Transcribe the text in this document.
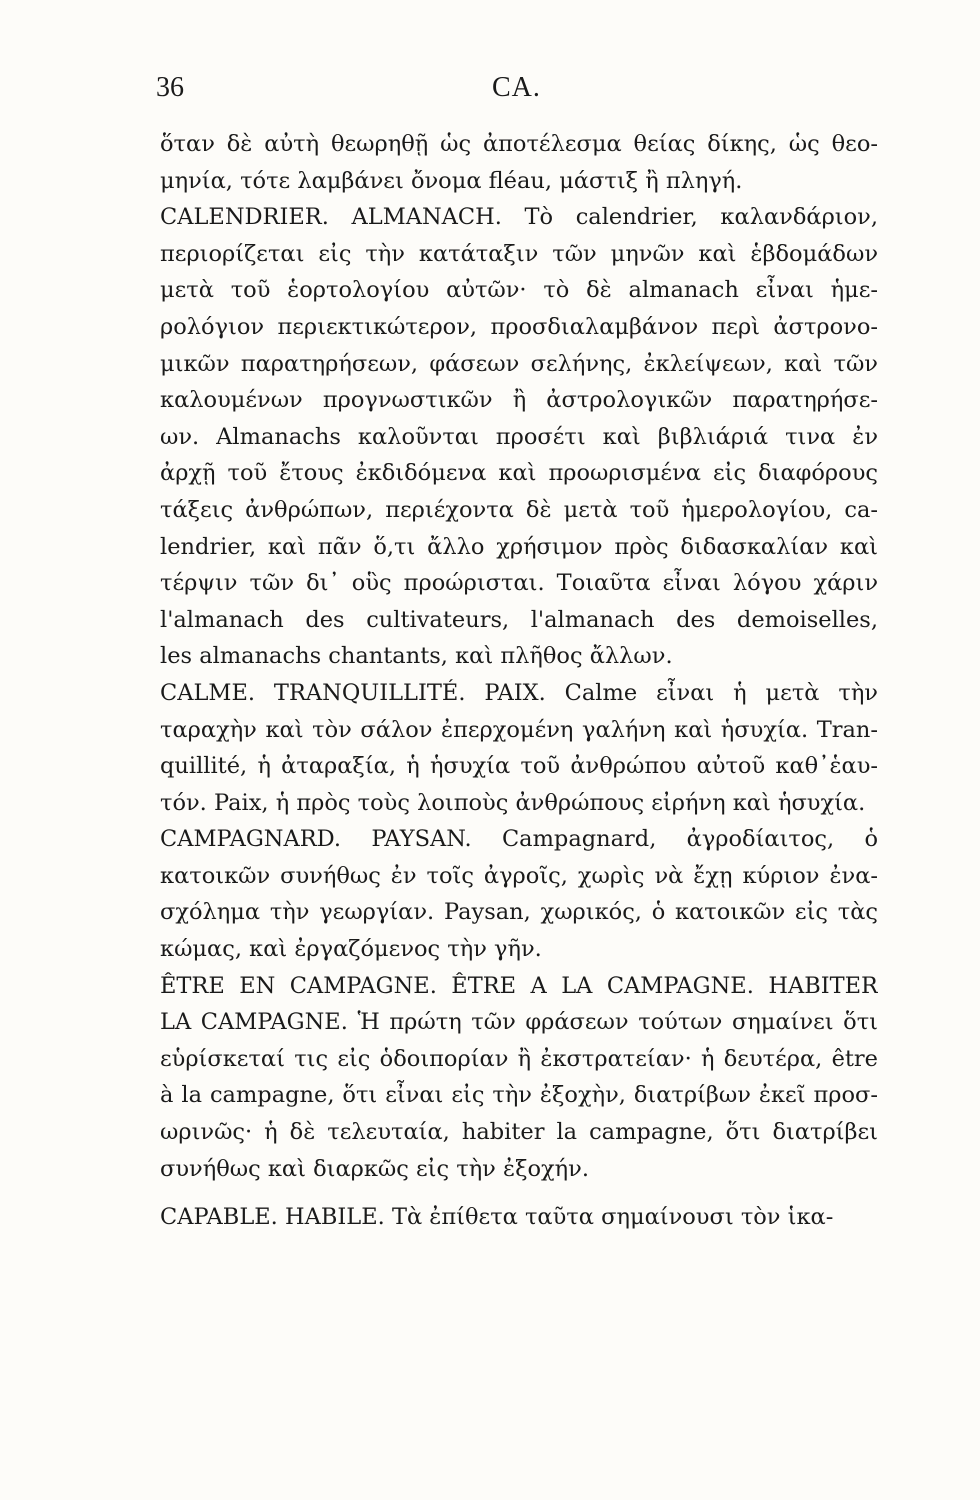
36	CA.
ὅταν δὲ αὐτὴ θεωρηθῇ ὡς ἀποτέλεσμα θείας δίκης, ὡς θεο-
μηνία, τότε λαμβάνει ὄνομα fléau, μάστιξ ἢ πληγή.
CALENDRIER. ALMANACH. Τὸ calendrier, καλανδάριον,
περιορίζεται εἰς τὴν κατάταξιν τῶν μηνῶν καὶ ἑβδομάδων
μετὰ τοῦ ἑορτολογίου αὐτῶν· τὸ δὲ almanach εἶναι ἡμε-
ρολόγιον περιεκτικώτερον, προσδιαλαμβάνον περὶ ἀστρονο-
μικῶν παρατηρήσεων, φάσεων σελήνης, ἐκλείψεων, καὶ τῶν
καλουμένων προγνωστικῶν ἢ ἀστρολογικῶν παρατηρήσε-
ων. Almanachs καλοῦνται προσέτι καὶ βιβλιάριά τινα ἐν
ἀρχῇ τοῦ ἔτους ἐκδιδόμενα καὶ προωρισμένα εἰς διαφόρους
τάξεις ἀνθρώπων, περιέχοντα δὲ μετὰ τοῦ ἡμερολογίου, ca-
lendrier, καὶ πᾶν ὅ,τι ἄλλο χρήσιμον πρὸς διδασκαλίαν καὶ
τέρψιν τῶν δι᾽ οὓς προώρισται. Τοιαῦτα εἶναι λόγου χάριν
l'almanach des cultivateurs, l'almanach des demoiselles,
les almanachs chantants, καὶ πλῆθος ἄλλων.
CALME. TRANQUILLITÉ. PAIX. Calme εἶναι ἡ μετὰ τὴν
ταραχὴν καὶ τὸν σάλον ἐπερχομένη γαλήνη καὶ ἡσυχία. Tran-
quillité, ἡ ἀταραξία, ἡ ἡσυχία τοῦ ἀνθρώπου αὐτοῦ καθ᾽ἑαυ-
τόν. Paix, ἡ πρὸς τοὺς λοιποὺς ἀνθρώπους εἰρήνη καὶ ἡσυχία.
CAMPAGNARD. PAYSAN. Campagnard, ἀγροδίαιτος, ὁ
κατοικῶν συνήθως ἐν τοῖς ἀγροῖς, χωρὶς νὰ ἔχῃ κύριον ἐνα-
σχόλημα τὴν γεωργίαν. Paysan, χωρικός, ὁ κατοικῶν εἰς τὰς
κώμας, καὶ ἐργαζόμενος τὴν γῆν.
ÊTRE EN CAMPAGNE. ÊTRE A LA CAMPAGNE. HABITER
LA CAMPAGNE. Ἡ πρώτη τῶν φράσεων τούτων σημαίνει ὅτι
εὑρίσκεταί τις εἰς ὁδοιπορίαν ἢ ἐκστρατείαν· ἡ δευτέρα, être
à la campagne, ὅτι εἶναι εἰς τὴν ἐξοχὴν, διατρίβων ἐκεῖ προσ-
ωρινῶς· ἡ δὲ τελευταία, habiter la campagne, ὅτι διατρίβει
συνήθως καὶ διαρκῶς εἰς τὴν ἐξοχήν.
CAPABLE. HABILE. Τὰ ἐπίθετα ταῦτα σημαίνουσι τὸν ἱκα-
